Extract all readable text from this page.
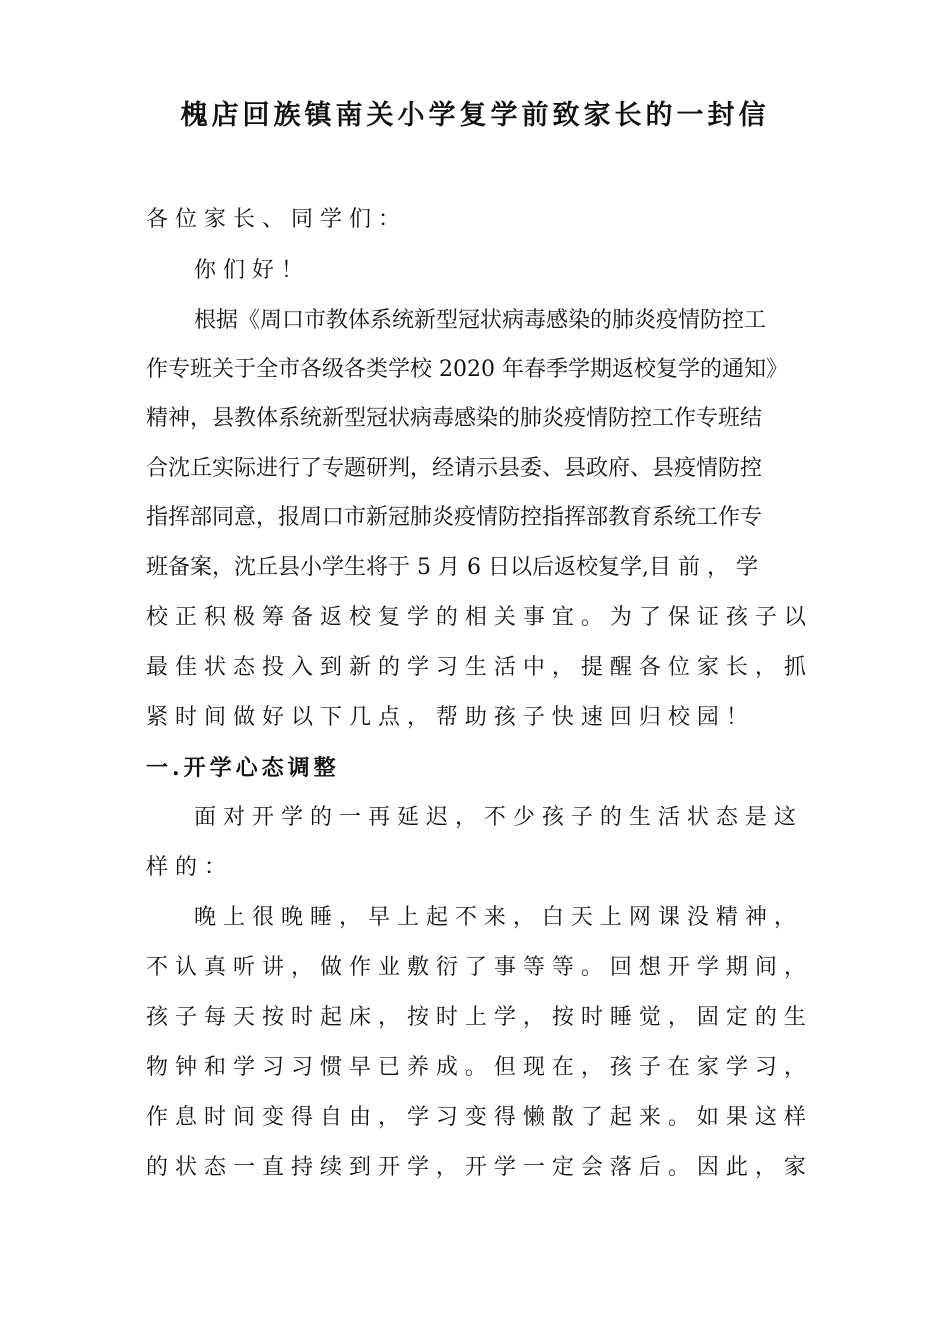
槐店回族镇南关小学复学前致家长的一封信
各 位 家 长 、 同 学 们 ：
你 们 好 ！
根据《周口市教体系统新型冠状病毒感染的肺炎疫情防控工
作专班关于全市各级各类学校 2020 年春季学期返校复学的通知》
精神，县教体系统新型冠状病毒感染的肺炎疫情防控工作专班结
合沈丘实际进行了专题研判，经请示县委、县政府、县疫情防控
指挥部同意，报周口市新冠肺炎疫情防控指挥部教育系统工作专
班备案，沈丘县小学生将于 5 月 6 日以后返校复学,目 前 ， 学
校 正 积 极 筹 备 返 校 复 学 的 相 关 事 宜 。 为 了 保 证 孩 子 以
最 佳 状 态 投 入 到 新 的 学 习 生 活 中 ， 提 醒 各 位 家 长 ， 抓
紧 时 间 做 好 以 下 几 点 ， 帮 助 孩 子 快 速 回 归 校 园 ！
一.开学心态调整
面 对 开 学 的 一 再 延 迟 ， 不 少 孩 子 的 生 活 状 态 是 这
样 的 ：
晚 上 很 晚 睡 ， 早 上 起 不 来 ， 白 天 上 网 课 没 精 神 ，
不 认 真 听 讲 ， 做 作 业 敷 衍 了 事 等 等 。 回 想 开 学 期 间 ，
孩 子 每 天 按 时 起 床 ， 按 时 上 学 ， 按 时 睡 觉 ， 固 定 的 生
物 钟 和 学 习 习 惯 早 已 养 成 。 但 现 在 ， 孩 子 在 家 学 习 ，
作 息 时 间 变 得 自 由 ， 学 习 变 得 懒 散 了 起 来 。 如 果 这 样
的 状 态 一 直 持 续 到 开 学 ， 开 学 一 定 会 落 后 。 因 此 ， 家
